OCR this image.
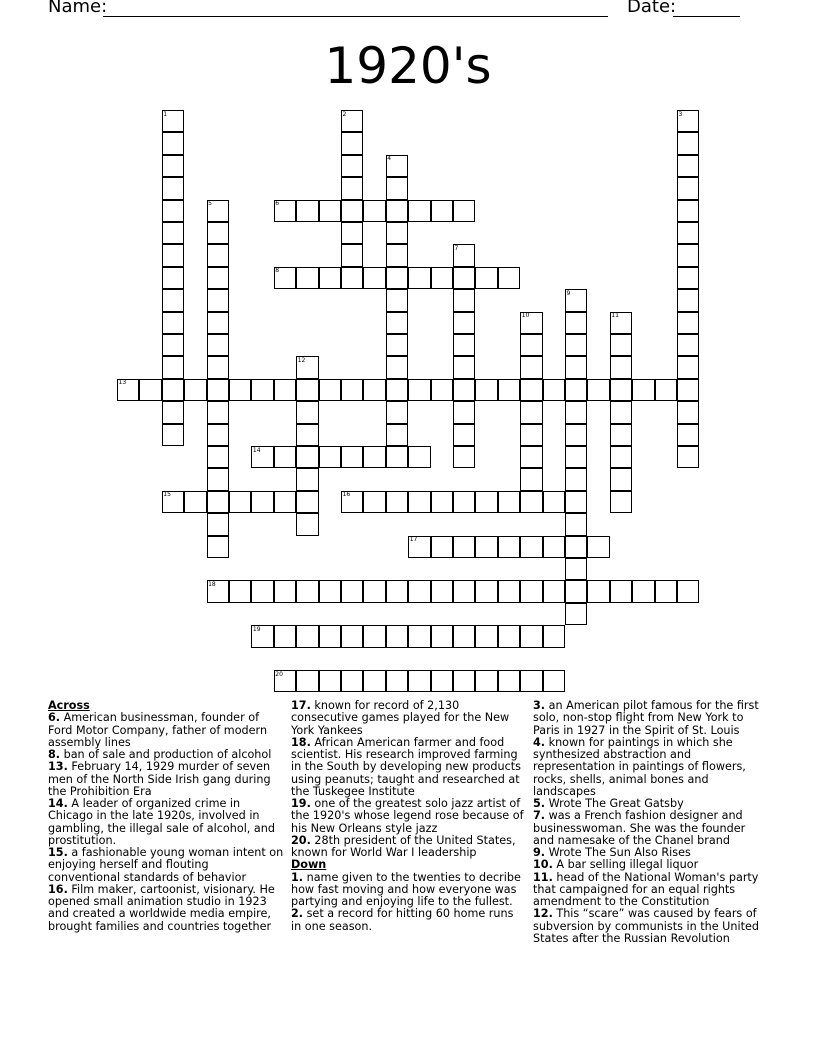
Name:	Date:
1920's
1	2	3
4
5	6
7
8
9
10	11
12
13
14
15	16
17
18
19
20
Across

6. American businessman, founder of Ford Motor Company, father of modern assembly lines

8. ban of sale and production of alcohol

13. February 14, 1929 murder of seven men of the North Side Irish gang during the Prohibition Era

14. A leader of organized crime in Chicago in the late 1920s, involved in gambling, the illegal sale of alcohol, and prostitution.

15. a fashionable young woman intent on enjoying herself and flouting conventional standards of behavior

16. Film maker, cartoonist, visionary. He opened small animation studio in 1923 and created a worldwide media empire, brought families and countries together

17. known for record of 2,130 consecutive games played for the New York Yankees

18. African American farmer and food scientist. His research improved farming in the South by developing new products using peanuts; taught and researched at the Tuskegee Institute

19. one of the greatest solo jazz artist of the 1920's whose legend rose because of his New Orleans style jazz

20. 28th president of the United States, known for World War I leadership

Down

1. name given to the twenties to decribe how fast moving and how everyone was partying and enjoying life to the fullest.

2. set a record for hitting 60 home runs in one season.

3. an American pilot famous for the first solo, non-stop flight from New York to Paris in 1927 in the Spirit of St. Louis

4. known for paintings in which she synthesized abstraction and representation in paintings of flowers, rocks, shells, animal bones and landscapes

5. Wrote The Great Gatsby

7. was a French fashion designer and businesswoman. She was the founder and namesake of the Chanel brand

9. Wrote The Sun Also Rises

10. A bar selling illegal liquor

11. head of the National Woman's party that campaigned for an equal rights amendment to the Constitution

12. This “scare” was caused by fears of subversion by communists in the United States after the Russian Revolution
